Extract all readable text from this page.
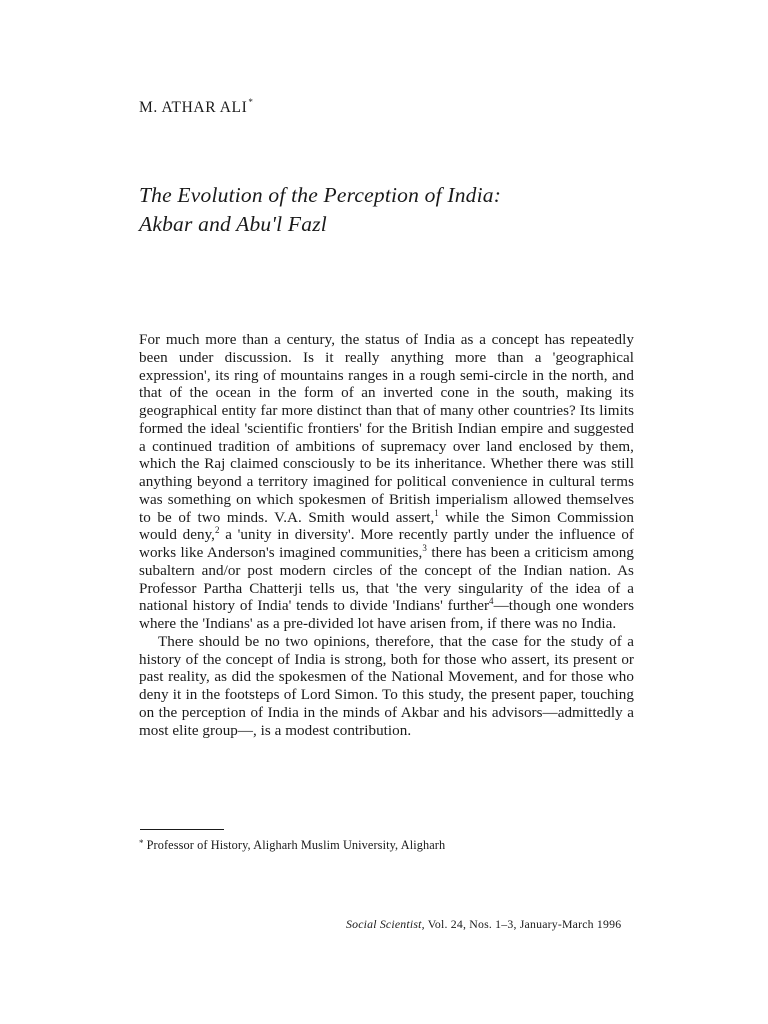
M. ATHAR ALI*
The Evolution of the Perception of India:
Akbar and Abu'l Fazl

For much more than a century, the status of India as a concept has repeatedly been under discussion. Is it really anything more than a 'geographical expression', its ring of mountains ranges in a rough semi-circle in the north, and that of the ocean in the form of an inverted cone in the south, making its geographical entity far more distinct than that of many other countries? Its limits formed the ideal 'scientific frontiers' for the British Indian empire and suggested a continued tradition of ambitions of supremacy over land enclosed by them, which the Raj claimed consciously to be its inheritance. Whether there was still anything beyond a territory imagined for political convenience in cultural terms was something on which spokesmen of British imperialism allowed themselves to be of two minds. V.A. Smith would assert,$^1$ while the Simon Commission would deny,$^2$ a 'unity in diversity'. More recently partly under the influence of works like Anderson's imagined communities,$^3$ there has been a criticism among subaltern and/or post modern circles of the concept of the Indian nation. As Professor Partha Chatterji tells us, that 'the very singularity of the idea of a national history of India' tends to divide 'Indians' further$^4$—though one wonders where the 'Indians' as a pre-divided lot have arisen from, if there was no India.

There should be no two opinions, therefore, that the case for the study of a history of the concept of India is strong, both for those who assert, its present or past reality, as did the spokesmen of the National Movement, and for those who deny it in the footsteps of Lord Simon. To this study, the present paper, touching on the perception of India in the minds of Akbar and his advisors—admittedly a most elite group—, is a modest contribution.

* Professor of History, Aligharh Muslim University, Aligharh
Social Scientist, Vol. 24, Nos. 1–3, January-March 1996
